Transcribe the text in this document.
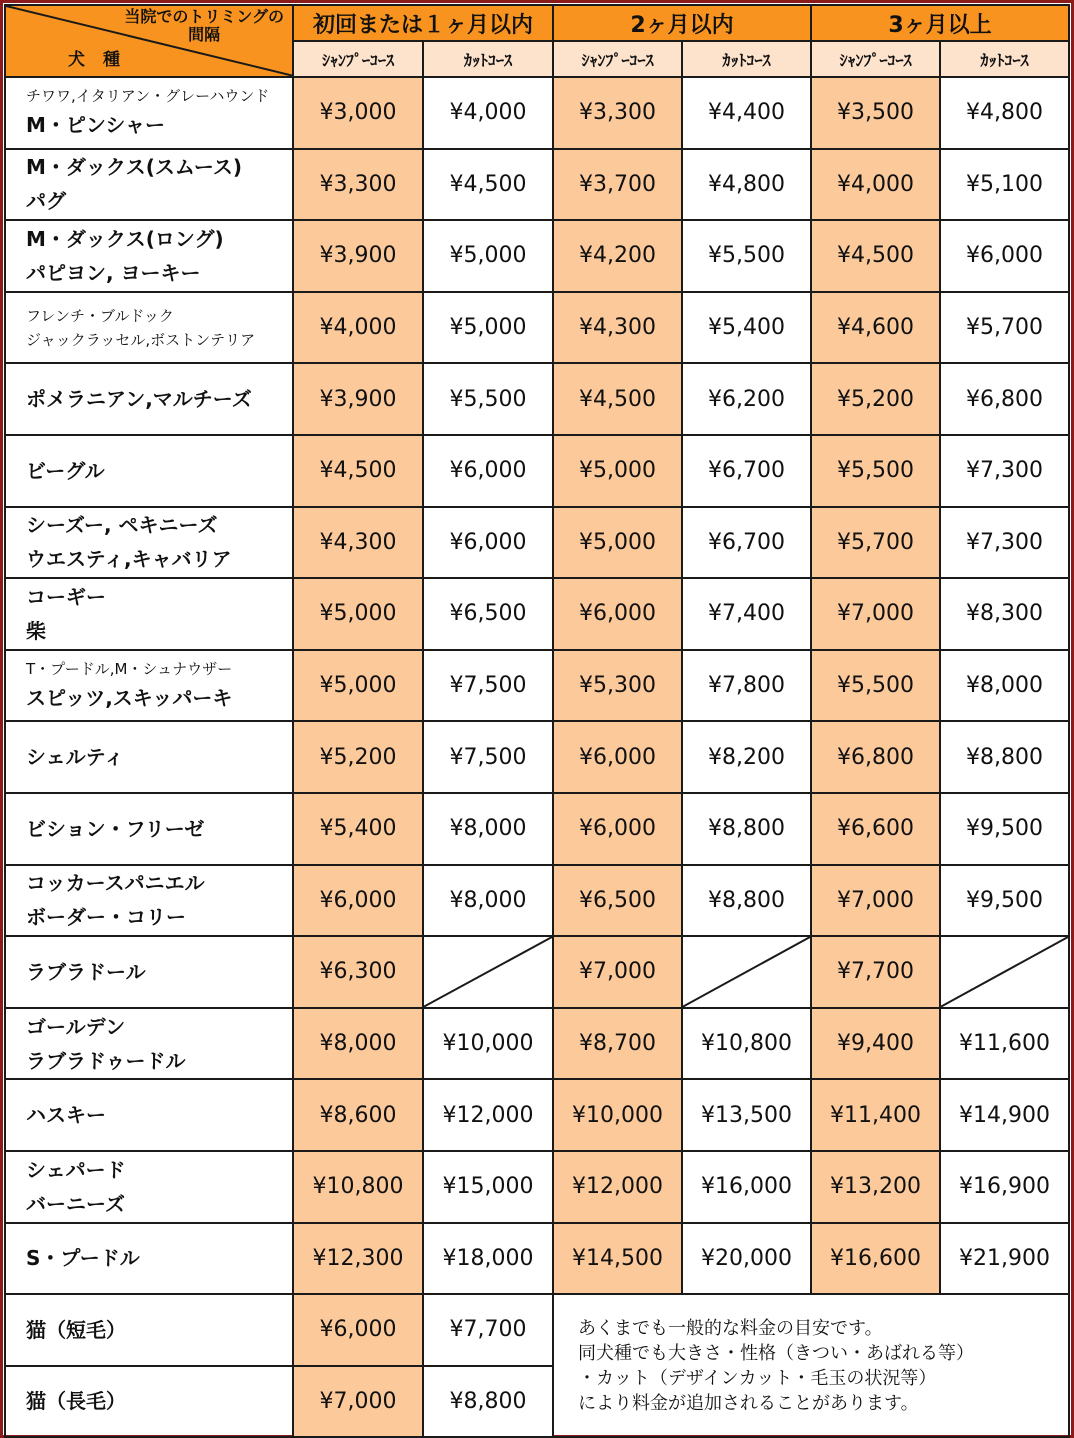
当院でのトリミングの
間隔
犬種	初回または１ヶ月以内		2ヶ月以内		3ヶ月以上	
	ｼｬﾝﾌﾟｰｺｰｽ	ｶｯﾄｺｰｽ	ｼｬﾝﾌﾟｰｺｰｽ	ｶｯﾄｺｰｽ	ｼｬﾝﾌﾟｰｺｰｽ	ｶｯﾄｺｰｽ

チワワ,イタリアン・グレーハウンド
M・ピンシャー	¥3,000	¥4,000	¥3,300	¥4,400	¥3,500	¥4,800

M・ダックス(スムース)
パグ	¥3,300	¥4,500	¥3,700	¥4,800	¥4,000	¥5,100

M・ダックス(ロング)
パピヨン, ヨーキー	¥3,900	¥5,000	¥4,200	¥5,500	¥4,500	¥6,000

フレンチ・ブルドック
ジャックラッセル,ボストンテリア	¥4,000	¥5,000	¥4,300	¥5,400	¥4,600	¥5,700

ポメラニアン,マルチーズ	¥3,900	¥5,500	¥4,500	¥6,200	¥5,200	¥6,800

ビーグル	¥4,500	¥6,000	¥5,000	¥6,700	¥5,500	¥7,300

シーズー, ペキニーズ
ウエスティ,キャバリア	¥4,300	¥6,000	¥5,000	¥6,700	¥5,700	¥7,300

コーギー
柴	¥5,000	¥6,500	¥6,000	¥7,400	¥7,000	¥8,300

T・プードル,M・シュナウザー
スピッツ,スキッパーキ	¥5,000	¥7,500	¥5,300	¥7,800	¥5,500	¥8,000

シェルティ	¥5,200	¥7,500	¥6,000	¥8,200	¥6,800	¥8,800

ビション・フリーゼ	¥5,400	¥8,000	¥6,000	¥8,800	¥6,600	¥9,500

コッカースパニエル
ボーダー・コリー	¥6,000	¥8,000	¥6,500	¥8,800	¥7,000	¥9,500

ラブラドール	¥6,300		¥7,000		¥7,700	

ゴールデン
ラブラドゥードル	¥8,000	¥10,000	¥8,700	¥10,800	¥9,400	¥11,600

ハスキー	¥8,600	¥12,000	¥10,000	¥13,500	¥11,400	¥14,900

シェパード
バーニーズ	¥10,800	¥15,000	¥12,000	¥16,000	¥13,200	¥16,900

S・プードル	¥12,300	¥18,000	¥14,500	¥20,000	¥16,600	¥21,900
猫（短毛）	¥6,000	¥7,700	あくまでも一般的な料金の目安です。
同犬種でも大きさ・性格（きつい・あばれる等）
・カット（デザインカット・毛玉の状況等）
により料金が追加されることがあります。			

猫（長毛）	¥7,000	¥8,800				
